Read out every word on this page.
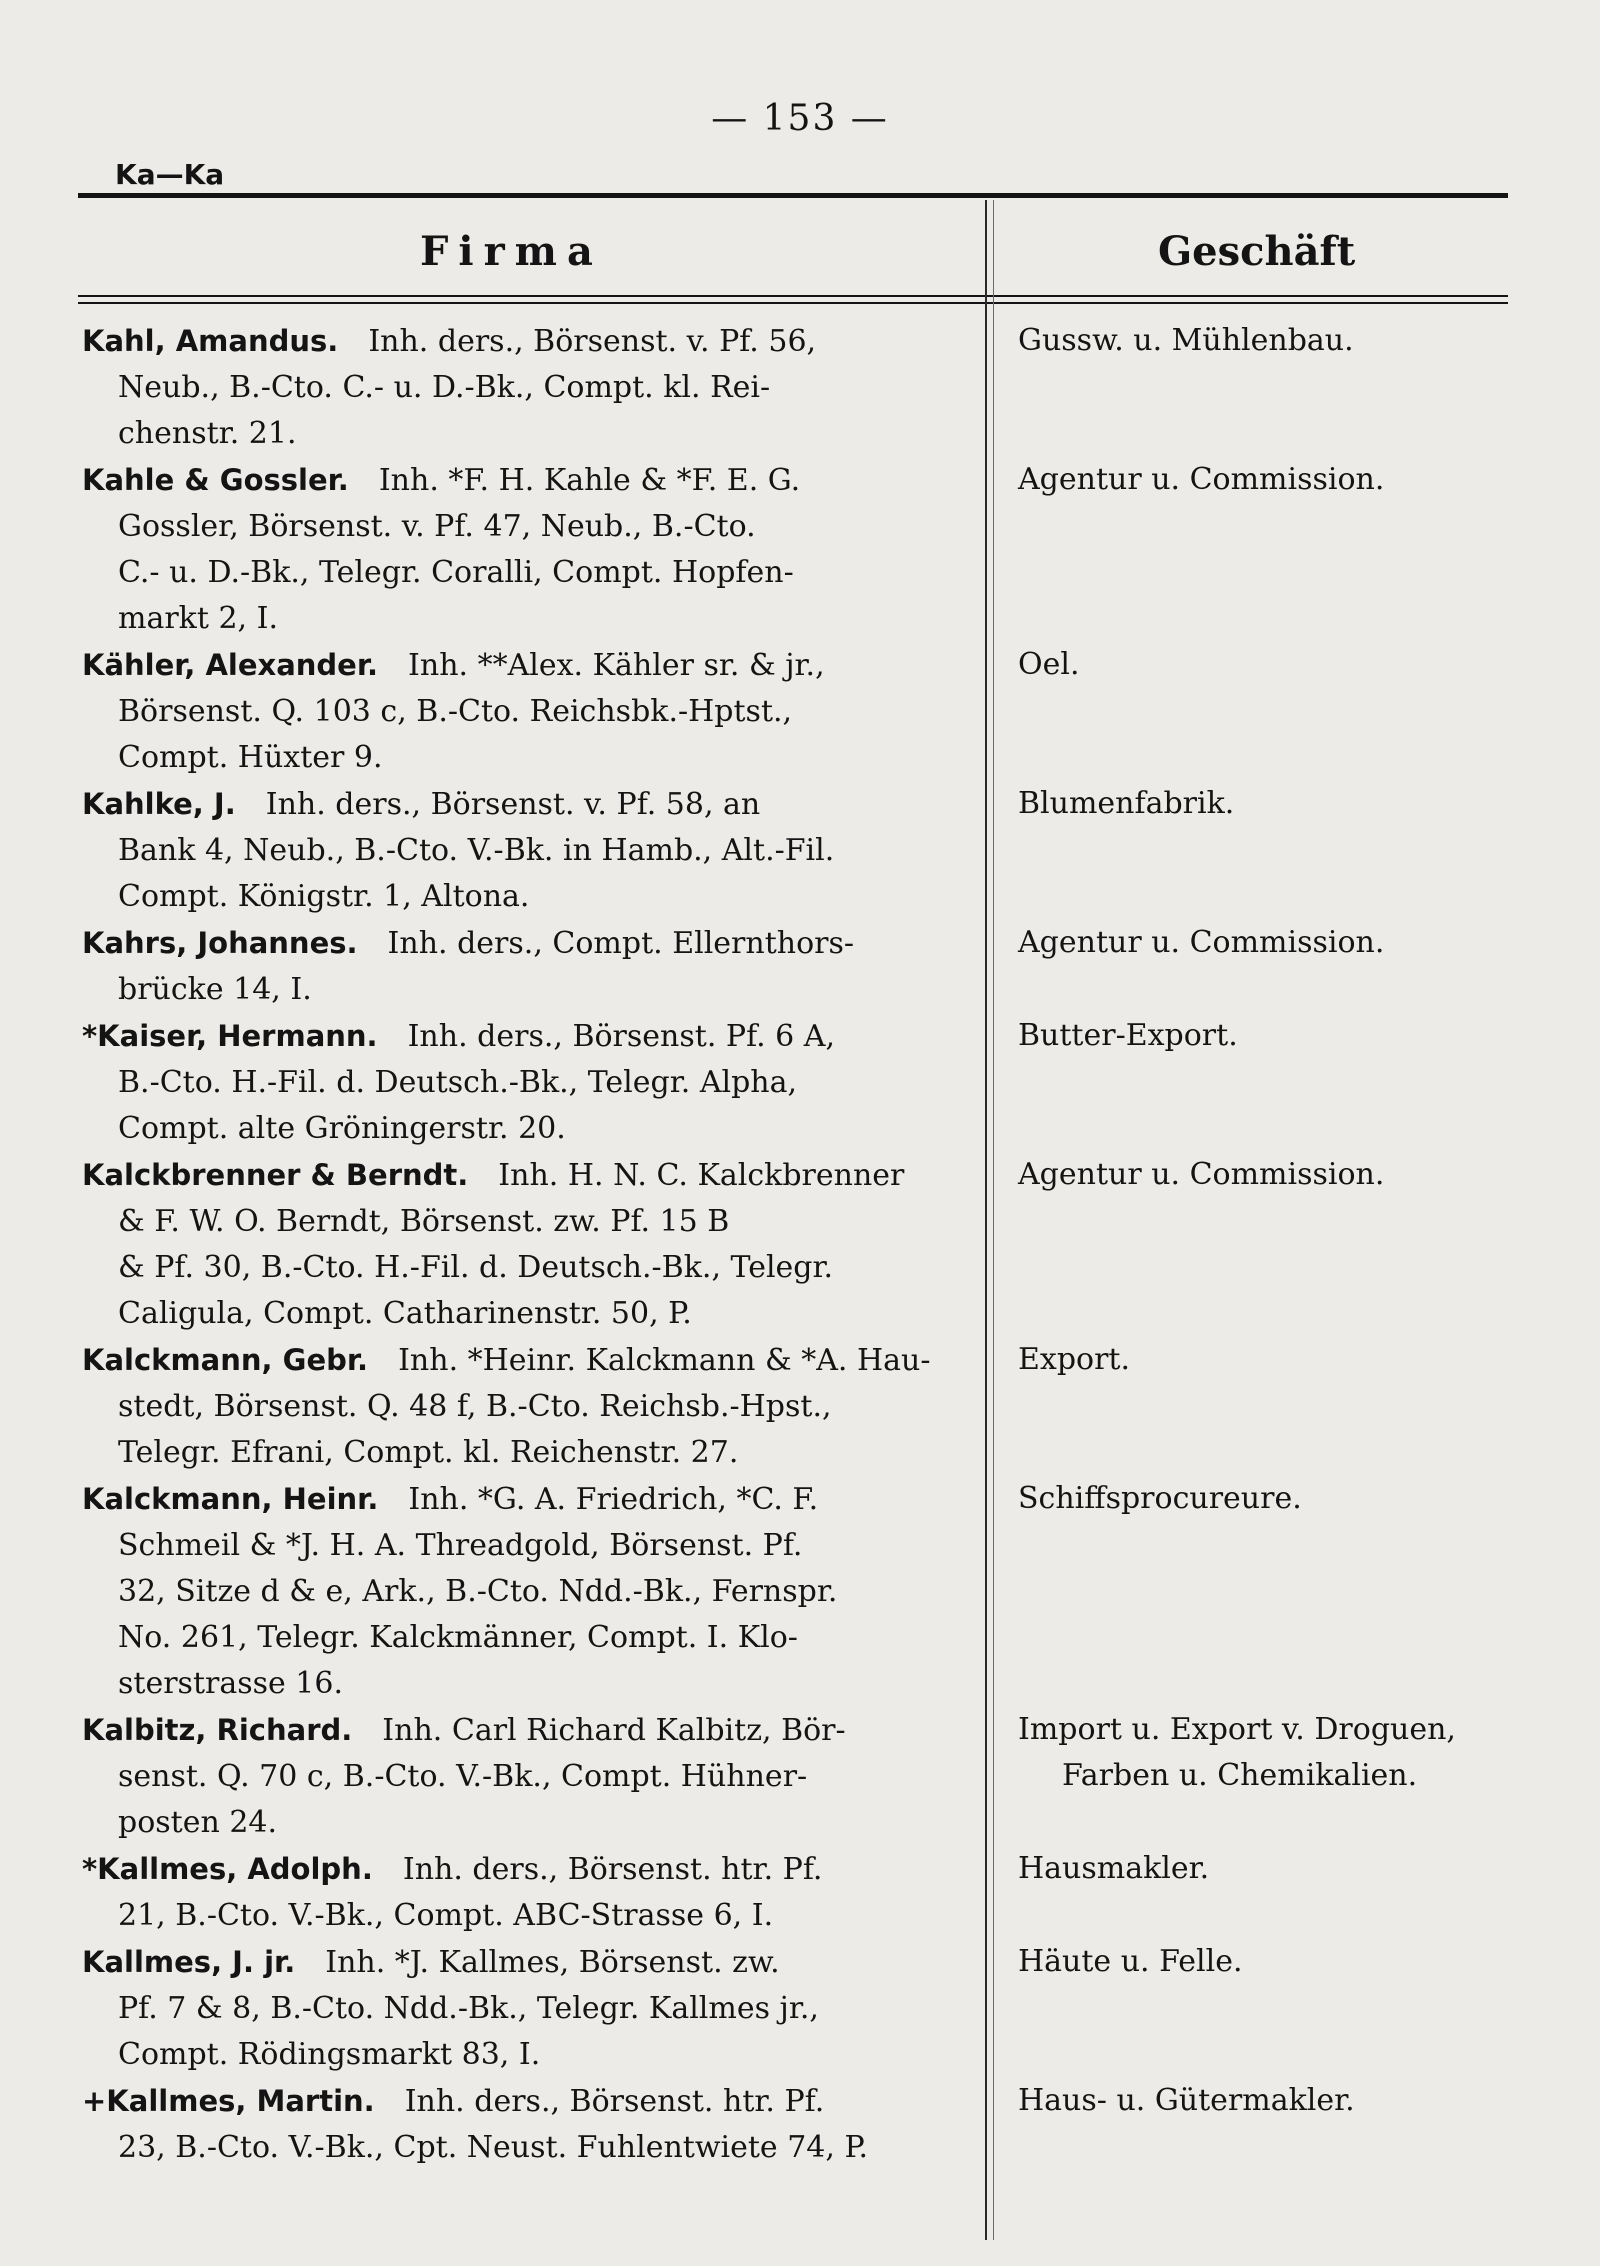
— 153 —
Ka—Ka
Firma	Geschäft
Kahl, Amandus.  Inh. ders., Börsenst. v. Pf. 56,
Neub., B.-Cto. C.- u. D.-Bk., Compt. kl. Rei-
chenstr. 21.
Gussw. u. Mühlenbau.
Kahle & Gossler.  Inh. *F. H. Kahle & *F. E. G.
Gossler, Börsenst. v. Pf. 47, Neub., B.-Cto.
C.- u. D.-Bk., Telegr. Coralli, Compt. Hopfen-
markt 2, I.
Agentur u. Commission.
Kähler, Alexander.  Inh. **Alex. Kähler sr. & jr.,
Börsenst. Q. 103 c, B.-Cto. Reichsbk.-Hptst.,
Compt. Hüxter 9.
Oel.
Kahlke, J.  Inh. ders., Börsenst. v. Pf. 58, an
Bank 4, Neub., B.-Cto. V.-Bk. in Hamb., Alt.-Fil.
Compt. Königstr. 1, Altona.
Blumenfabrik.
Kahrs, Johannes.  Inh. ders., Compt. Ellernthors-
brücke 14, I.
Agentur u. Commission.
*Kaiser, Hermann.  Inh. ders., Börsenst. Pf. 6 A,
B.-Cto. H.-Fil. d. Deutsch.-Bk., Telegr. Alpha,
Compt. alte Gröningerstr. 20.
Butter-Export.
Kalckbrenner & Berndt.  Inh. H. N. C. Kalckbrenner
& F. W. O. Berndt, Börsenst. zw. Pf. 15 B
& Pf. 30, B.-Cto. H.-Fil. d. Deutsch.-Bk., Telegr.
Caligula, Compt. Catharinenstr. 50, P.
Agentur u. Commission.
Kalckmann, Gebr.  Inh. *Heinr. Kalckmann & *A. Hau-
stedt, Börsenst. Q. 48 f, B.-Cto. Reichsb.-Hpst.,
Telegr. Efrani, Compt. kl. Reichenstr. 27.
Export.
Kalckmann, Heinr.  Inh. *G. A. Friedrich, *C. F.
Schmeil & *J. H. A. Threadgold, Börsenst. Pf.
32, Sitze d & e, Ark., B.-Cto. Ndd.-Bk., Fernspr.
No. 261, Telegr. Kalckmänner, Compt. I. Klo-
sterstrasse 16.
Schiffsprocureure.
Kalbitz, Richard.  Inh. Carl Richard Kalbitz, Bör-
senst. Q. 70 c, B.-Cto. V.-Bk., Compt. Hühner-
posten 24.
Import u. Export v. Droguen,
Farben u. Chemikalien.
*Kallmes, Adolph.  Inh. ders., Börsenst. htr. Pf.
21, B.-Cto. V.-Bk., Compt. ABC-Strasse 6, I.
Hausmakler.
Kallmes, J. jr.  Inh. *J. Kallmes, Börsenst. zw.
Pf. 7 & 8, B.-Cto. Ndd.-Bk., Telegr. Kallmes jr.,
Compt. Rödingsmarkt 83, I.
Häute u. Felle.
+Kallmes, Martin.  Inh. ders., Börsenst. htr. Pf.
23, B.-Cto. V.-Bk., Cpt. Neust. Fuhlentwiete 74, P.
Haus- u. Gütermakler.
